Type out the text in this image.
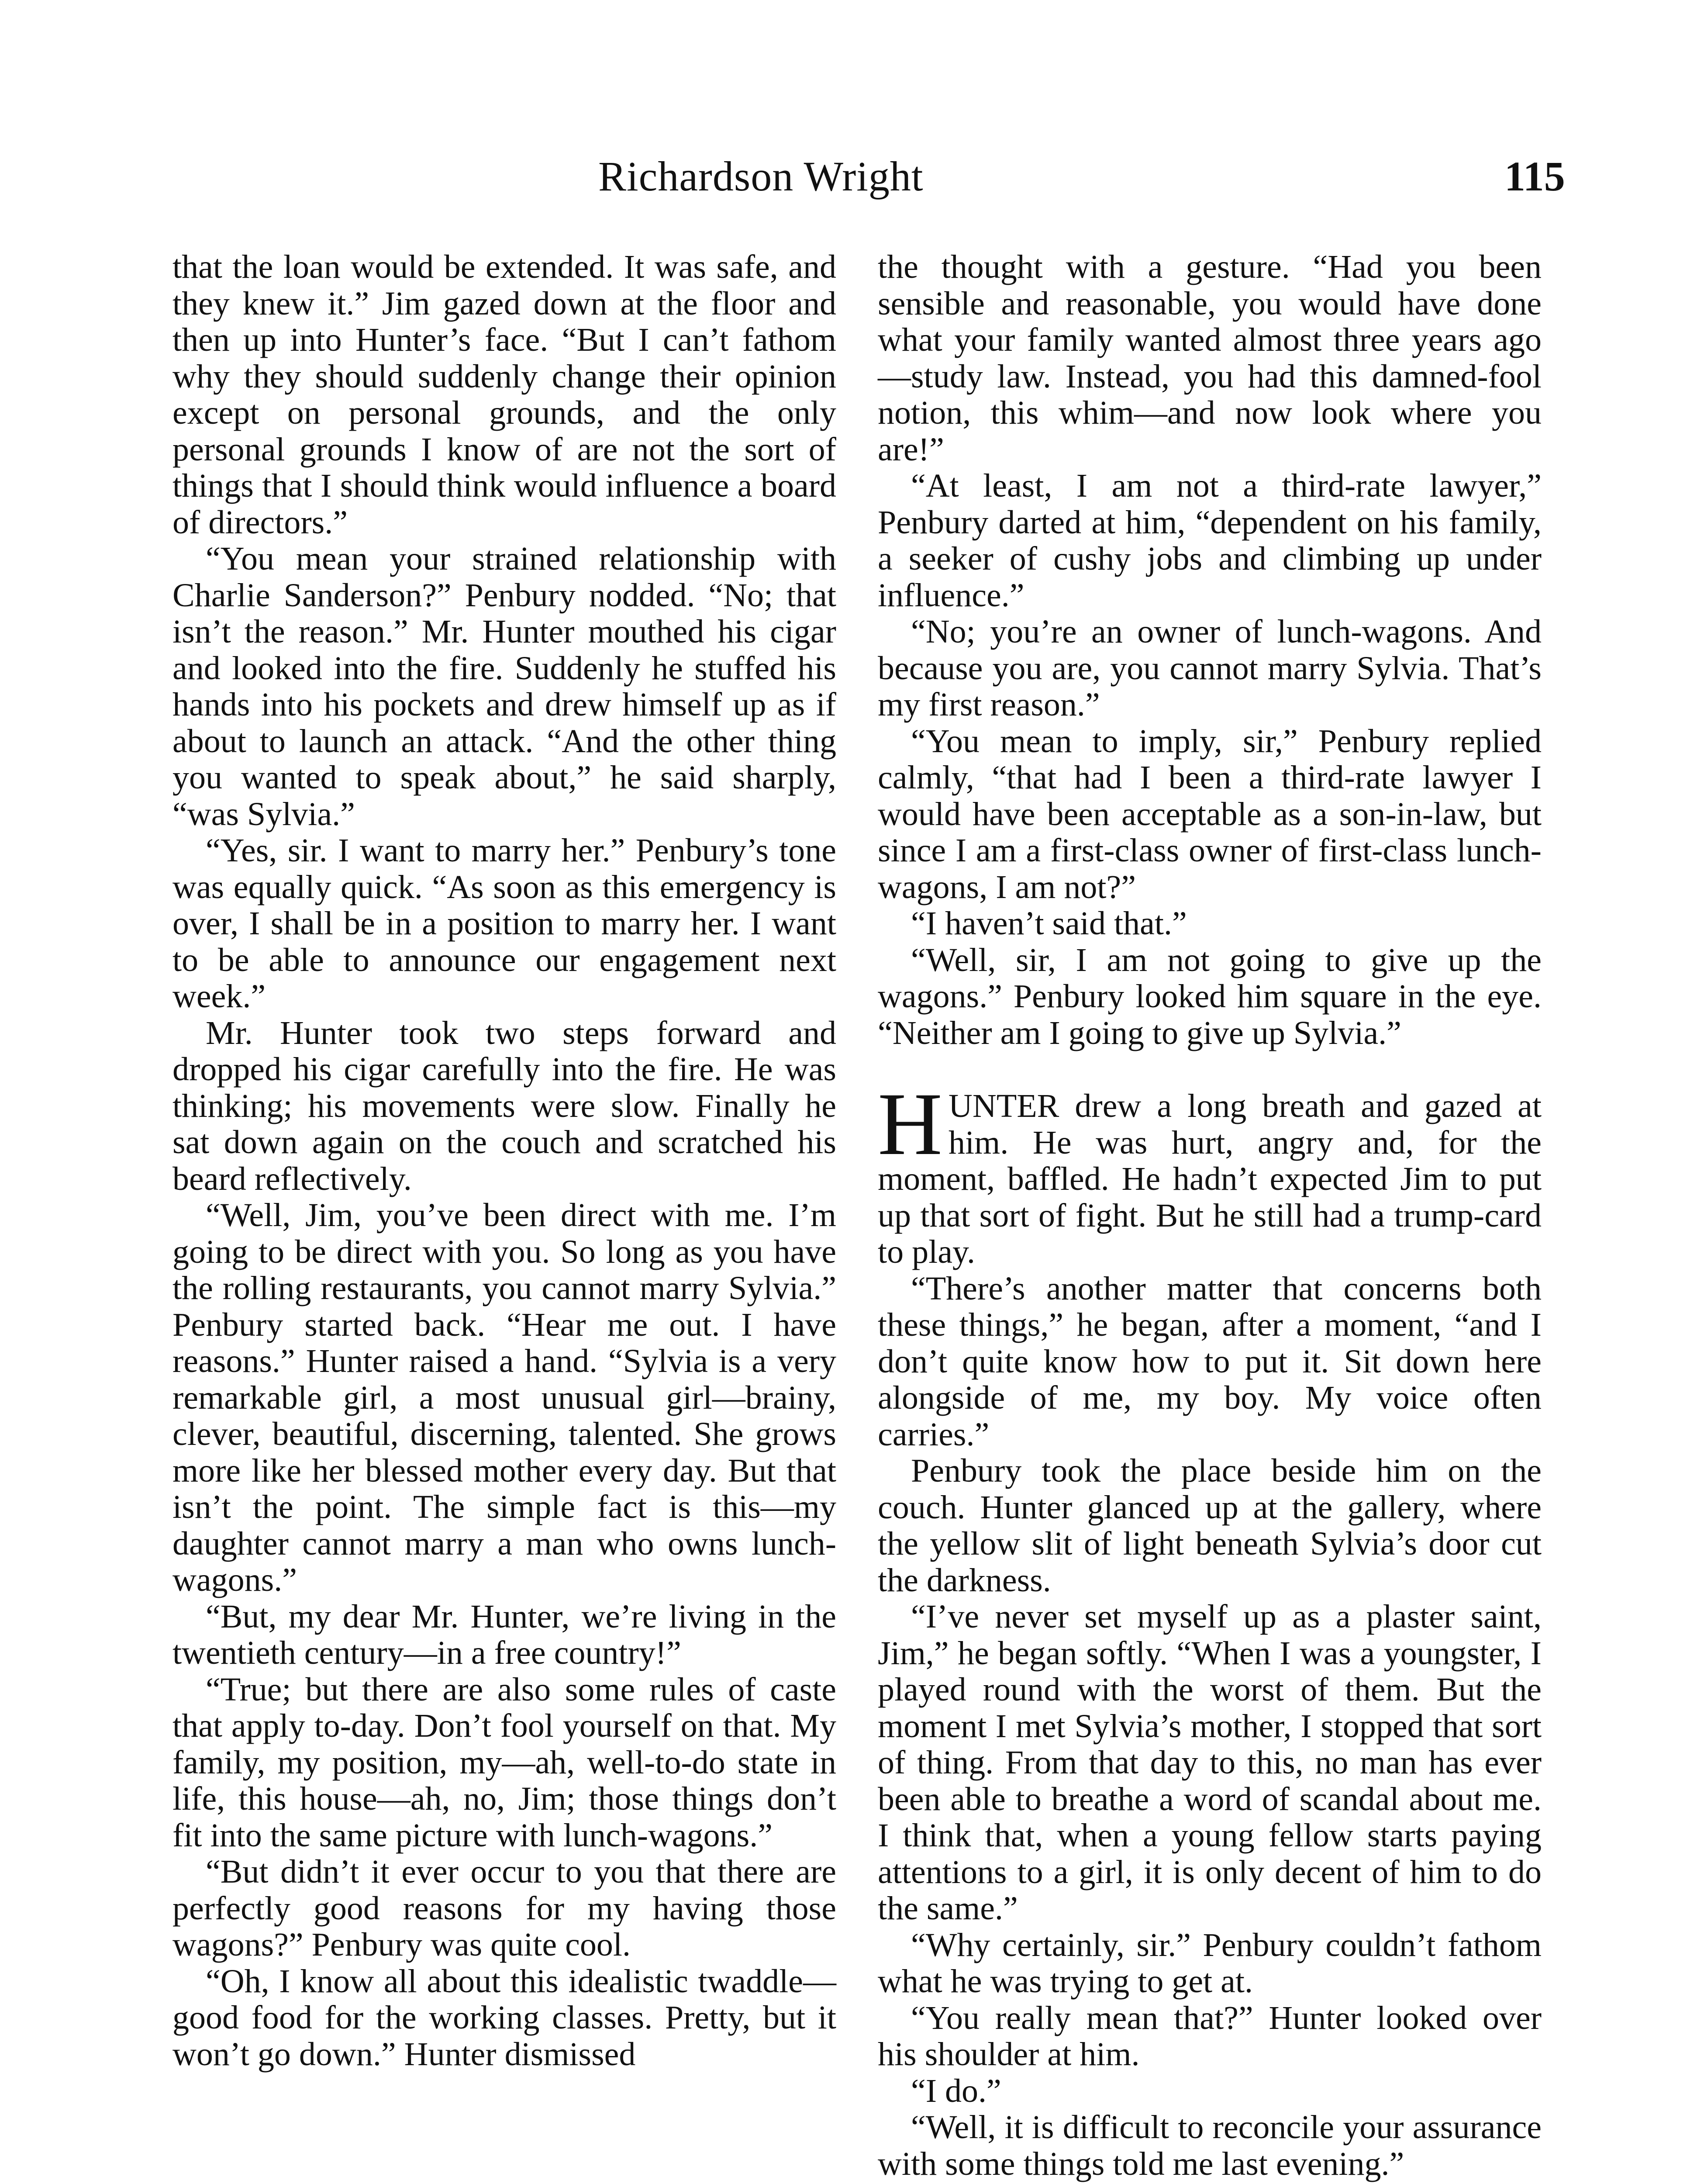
Richardson Wright	115

that the loan would be extended. It was safe, and they knew it.” Jim gazed down at the floor and then up into Hunter’s face. “But I can’t fathom why they should suddenly change their opinion except on personal grounds, and the only personal grounds I know of are not the sort of things that I should think would influence a board of directors.”

“You mean your strained relationship with Charlie Sanderson?” Penbury nodded. “No; that isn’t the reason.” Mr. Hunter mouthed his cigar and looked into the fire. Suddenly he stuffed his hands into his pockets and drew himself up as if about to launch an attack. “And the other thing you wanted to speak about,” he said sharply, “was Sylvia.”

“Yes, sir. I want to marry her.” Penbury’s tone was equally quick. “As soon as this emergency is over, I shall be in a position to marry her. I want to be able to announce our engagement next week.”

Mr. Hunter took two steps forward and dropped his cigar carefully into the fire. He was thinking; his movements were slow. Finally he sat down again on the couch and scratched his beard reflectively.

“Well, Jim, you’ve been direct with me. I’m going to be direct with you. So long as you have the rolling restaurants, you cannot marry Sylvia.” Penbury started back. “Hear me out. I have reasons.” Hunter raised a hand. “Sylvia is a very remarkable girl, a most unusual girl—brainy, clever, beautiful, discerning, talented. She grows more like her blessed mother every day. But that isn’t the point. The simple fact is this—my daughter cannot marry a man who owns lunch-wagons.”

“But, my dear Mr. Hunter, we’re living in the twentieth century—in a free country!”

“True; but there are also some rules of caste that apply to-day. Don’t fool yourself on that. My family, my position, my—ah, well-to-do state in life, this house—ah, no, Jim; those things don’t fit into the same picture with lunch-wagons.”

“But didn’t it ever occur to you that there are perfectly good reasons for my having those wagons?” Penbury was quite cool.

“Oh, I know all about this idealistic twaddle—good food for the working classes. Pretty, but it won’t go down.” Hunter dismissed

the thought with a gesture. “Had you been sensible and reasonable, you would have done what your family wanted almost three years ago—study law. Instead, you had this damned-fool notion, this whim—and now look where you are!”

“At least, I am not a third-rate lawyer,” Penbury darted at him, “dependent on his family, a seeker of cushy jobs and climbing up under influence.”

“No; you’re an owner of lunch-wagons. And because you are, you cannot marry Sylvia. That’s my first reason.”

“You mean to imply, sir,” Penbury replied calmly, “that had I been a third-rate lawyer I would have been acceptable as a son-in-law, but since I am a first-class owner of first-class lunch-wagons, I am not?”

“I haven’t said that.”

“Well, sir, I am not going to give up the wagons.” Penbury looked him square in the eye. “Neither am I going to give up Sylvia.”

HUNTER drew a long breath and gazed at him. He was hurt, angry and, for the moment, baffled. He hadn’t expected Jim to put up that sort of fight. But he still had a trump-card to play.

“There’s another matter that concerns both these things,” he began, after a moment, “and I don’t quite know how to put it. Sit down here alongside of me, my boy. My voice often carries.”

Penbury took the place beside him on the couch. Hunter glanced up at the gallery, where the yellow slit of light beneath Sylvia’s door cut the darkness.

“I’ve never set myself up as a plaster saint, Jim,” he began softly. “When I was a youngster, I played round with the worst of them. But the moment I met Sylvia’s mother, I stopped that sort of thing. From that day to this, no man has ever been able to breathe a word of scandal about me. I think that, when a young fellow starts paying attentions to a girl, it is only decent of him to do the same.”

“Why certainly, sir.” Penbury couldn’t fathom what he was trying to get at.

“You really mean that?” Hunter looked over his shoulder at him.

“I do.”

“Well, it is difficult to reconcile your assurance with some things told me last evening.”
